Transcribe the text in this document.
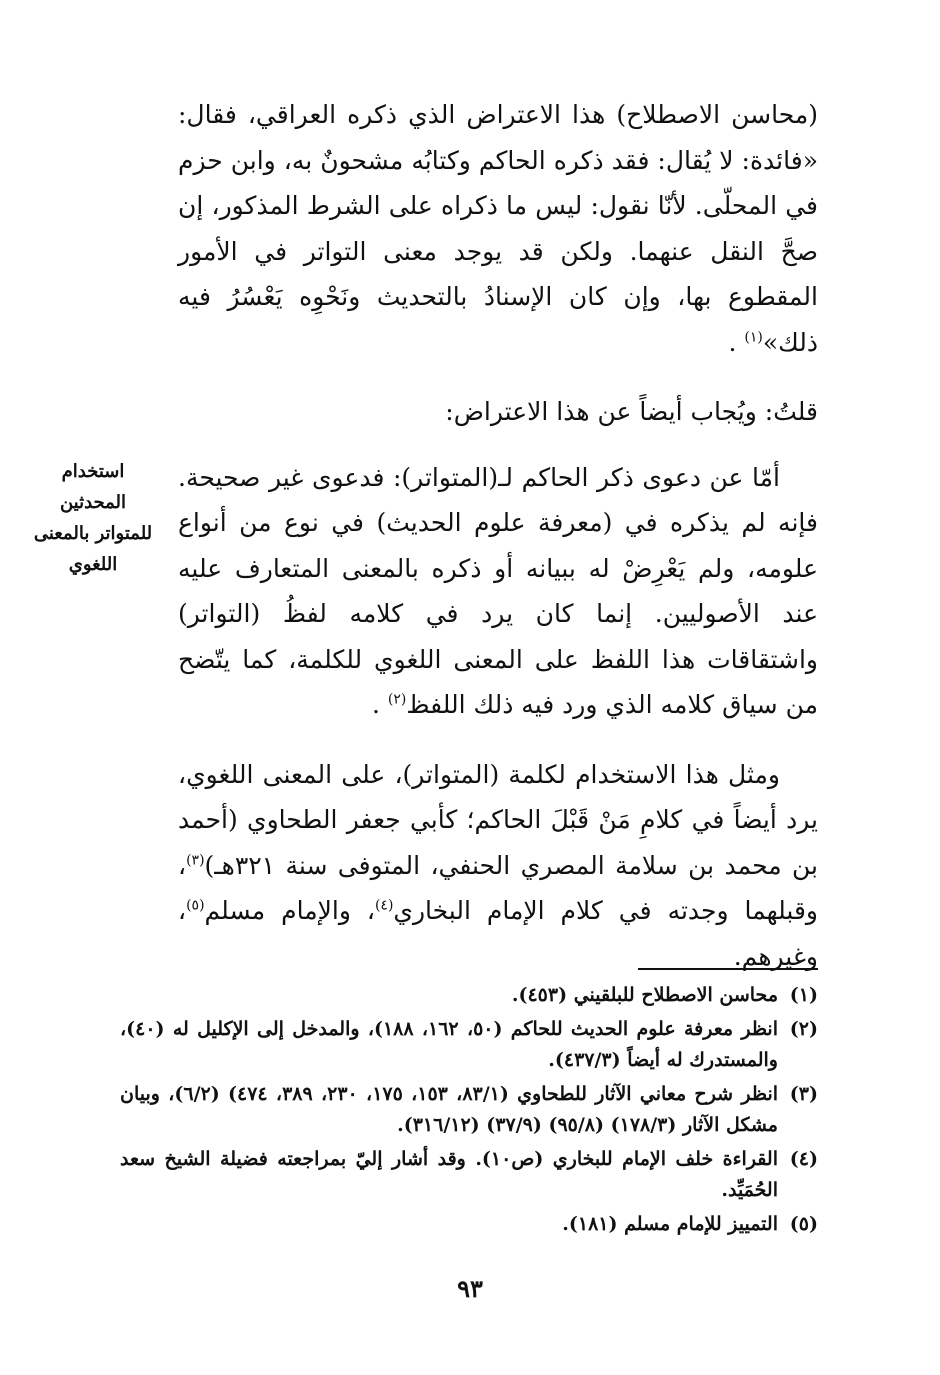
(محاسن الاصطلاح) هذا الاعتراض الذي ذكره العراقي، فقال: «فائدة: لا يُقال: فقد ذكره الحاكم وكتابُه مشحونٌ به، وابن حزم في المحلّى. لأنّا نقول: ليس ما ذكراه على الشرط المذكور، إن صحَّ النقل عنهما. ولكن قد يوجد معنى التواتر في الأمور المقطوع بها، وإن كان الإسنادُ بالتحديث ونَحْوِه يَعْسُرُ فيه ذلك»$^{(١)}$ .

قلتُ: ويُجاب أيضاً عن هذا الاعتراض:

أمّا عن دعوى ذكر الحاكم لـ(المتواتر): فدعوى غير صحيحة. فإنه لم يذكره في (معرفة علوم الحديث) في نوع من أنواع علومه، ولم يَعْرِضْ له ببيانه أو ذكره بالمعنى المتعارف عليه عند الأصوليين. إنما كان يرد في كلامه لفظُ (التواتر) واشتقاقات هذا اللفظ على المعنى اللغوي للكلمة، كما يتّضح من سياق كلامه الذي ورد فيه ذلك اللفظ$^{(٢)}$ .

ومثل هذا الاستخدام لكلمة (المتواتر)، على المعنى اللغوي، يرد أيضاً في كلامِ مَنْ قَبْلَ الحاكم؛ كأبي جعفر الطحاوي (أحمد بن محمد بن سلامة المصري الحنفي، المتوفى سنة ٣٢١هـ)$^{(٣)}$، وقبلهما وجدته في كلام الإمام البخاري$^{(٤)}$، والإمام مسلم$^{(٥)}$، وغيرهم.

استخدام
المحدثين
للمتواتر بالمعنى
اللغوي
(١)
محاسن الاصطلاح للبلقيني (٤٥٣).
(٢)
انظر معرفة علوم الحديث للحاكم (٥٠، ١٦٢، ١٨٨)، والمدخل إلى الإكليل له (٤٠)، والمستدرك له أيضاً (٤٣٧/٣).
(٣)
انظر شرح معاني الآثار للطحاوي (٨٣/١، ١٥٣، ١٧٥، ٢٣٠، ٣٨٩، ٤٧٤) (٦/٢)، وبيان مشكل الآثار (١٧٨/٣) (٩٥/٨) (٣٧/٩) (٣١٦/١٢).
(٤)
القراءة خلف الإمام للبخاري (ص١٠). وقد أشار إليّ بمراجعته فضيلة الشيخ سعد الحُمَيِّد.
(٥)
التمييز للإمام مسلم (١٨١).
٩٣
